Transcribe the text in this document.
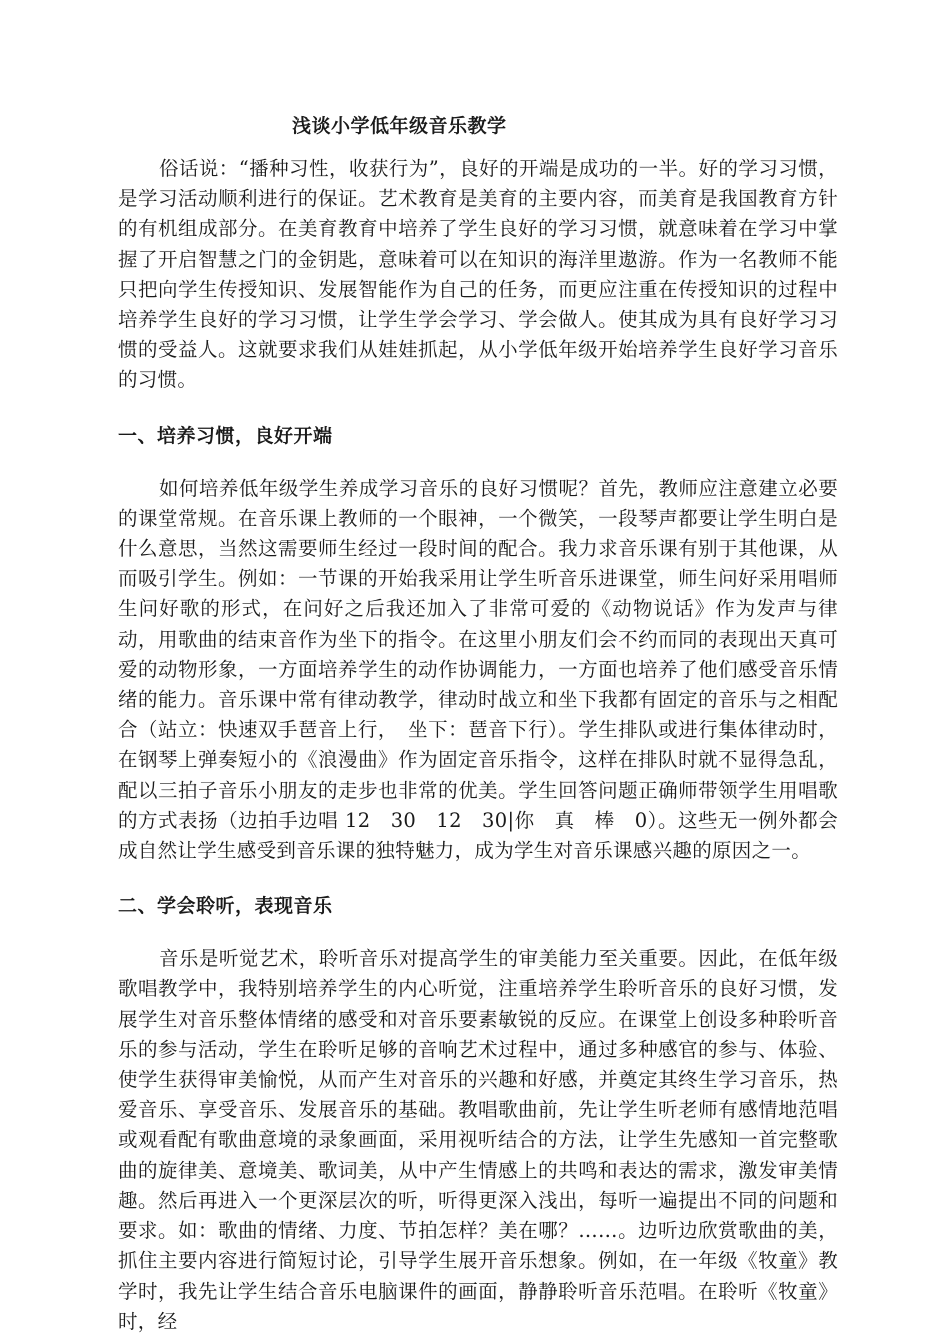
浅谈小学低年级音乐教学

俗话说：“播种习性，收获行为”，良好的开端是成功的一半。好的学习习惯，是学习活动顺利进行的保证。艺术教育是美育的主要内容，而美育是我国教育方针的有机组成部分。在美育教育中培养了学生良好的学习习惯，就意味着在学习中掌握了开启智慧之门的金钥匙，意味着可以在知识的海洋里遨游。作为一名教师不能只把向学生传授知识、发展智能作为自己的任务，而更应注重在传授知识的过程中培养学生良好的学习习惯，让学生学会学习、学会做人。使其成为具有良好学习习惯的受益人。这就要求我们从娃娃抓起，从小学低年级开始培养学生良好学习音乐的习惯。

一、培养习惯，良好开端

如何培养低年级学生养成学习音乐的良好习惯呢？首先，教师应注意建立必要的课堂常规。在音乐课上教师的一个眼神，一个微笑，一段琴声都要让学生明白是什么意思，当然这需要师生经过一段时间的配合。我力求音乐课有别于其他课，从而吸引学生。例如：一节课的开始我采用让学生听音乐进课堂，师生问好采用唱师生问好歌的形式，在问好之后我还加入了非常可爱的《动物说话》作为发声与律动，用歌曲的结束音作为坐下的指令。在这里小朋友们会不约而同的表现出天真可爱的动物形象，一方面培养学生的动作协调能力，一方面也培养了他们感受音乐情绪的能力。音乐课中常有律动教学，律动时战立和坐下我都有固定的音乐与之相配合（站立：快速双手琶音上行，　坐下：琶音下行）。学生排队或进行集体律动时，在钢琴上弹奏短小的《浪漫曲》作为固定音乐指令，这样在排队时就不显得急乱，配以三拍子音乐小朋友的走步也非常的优美。学生回答问题正确师带领学生用唱歌的方式表扬（边拍手边唱 12　30　12　30|你　真　棒　0）。这些无一例外都会成自然让学生感受到音乐课的独特魅力，成为学生对音乐课感兴趣的原因之一。

二、学会聆听，表现音乐

音乐是听觉艺术，聆听音乐对提高学生的审美能力至关重要。因此，在低年级歌唱教学中，我特别培养学生的内心听觉，注重培养学生聆听音乐的良好习惯，发展学生对音乐整体情绪的感受和对音乐要素敏锐的反应。在课堂上创设多种聆听音乐的参与活动，学生在聆听足够的音响艺术过程中，通过多种感官的参与、体验、使学生获得审美愉悦，从而产生对音乐的兴趣和好感，并奠定其终生学习音乐，热爱音乐、享受音乐、发展音乐的基础。教唱歌曲前，先让学生听老师有感情地范唱或观看配有歌曲意境的录象画面，采用视听结合的方法，让学生先感知一首完整歌曲的旋律美、意境美、歌词美，从中产生情感上的共鸣和表达的需求，激发审美情趣。然后再进入一个更深层次的听，听得更深入浅出，每听一遍提出不同的问题和要求。如：歌曲的情绪、力度、节拍怎样？美在哪？……。边听边欣赏歌曲的美，抓住主要内容进行简短讨论，引导学生展开音乐想象。例如，在一年级《牧童》教学时，我先让学生结合音乐电脑课件的画面，静静聆听音乐范唱。在聆听《牧童》时，经
